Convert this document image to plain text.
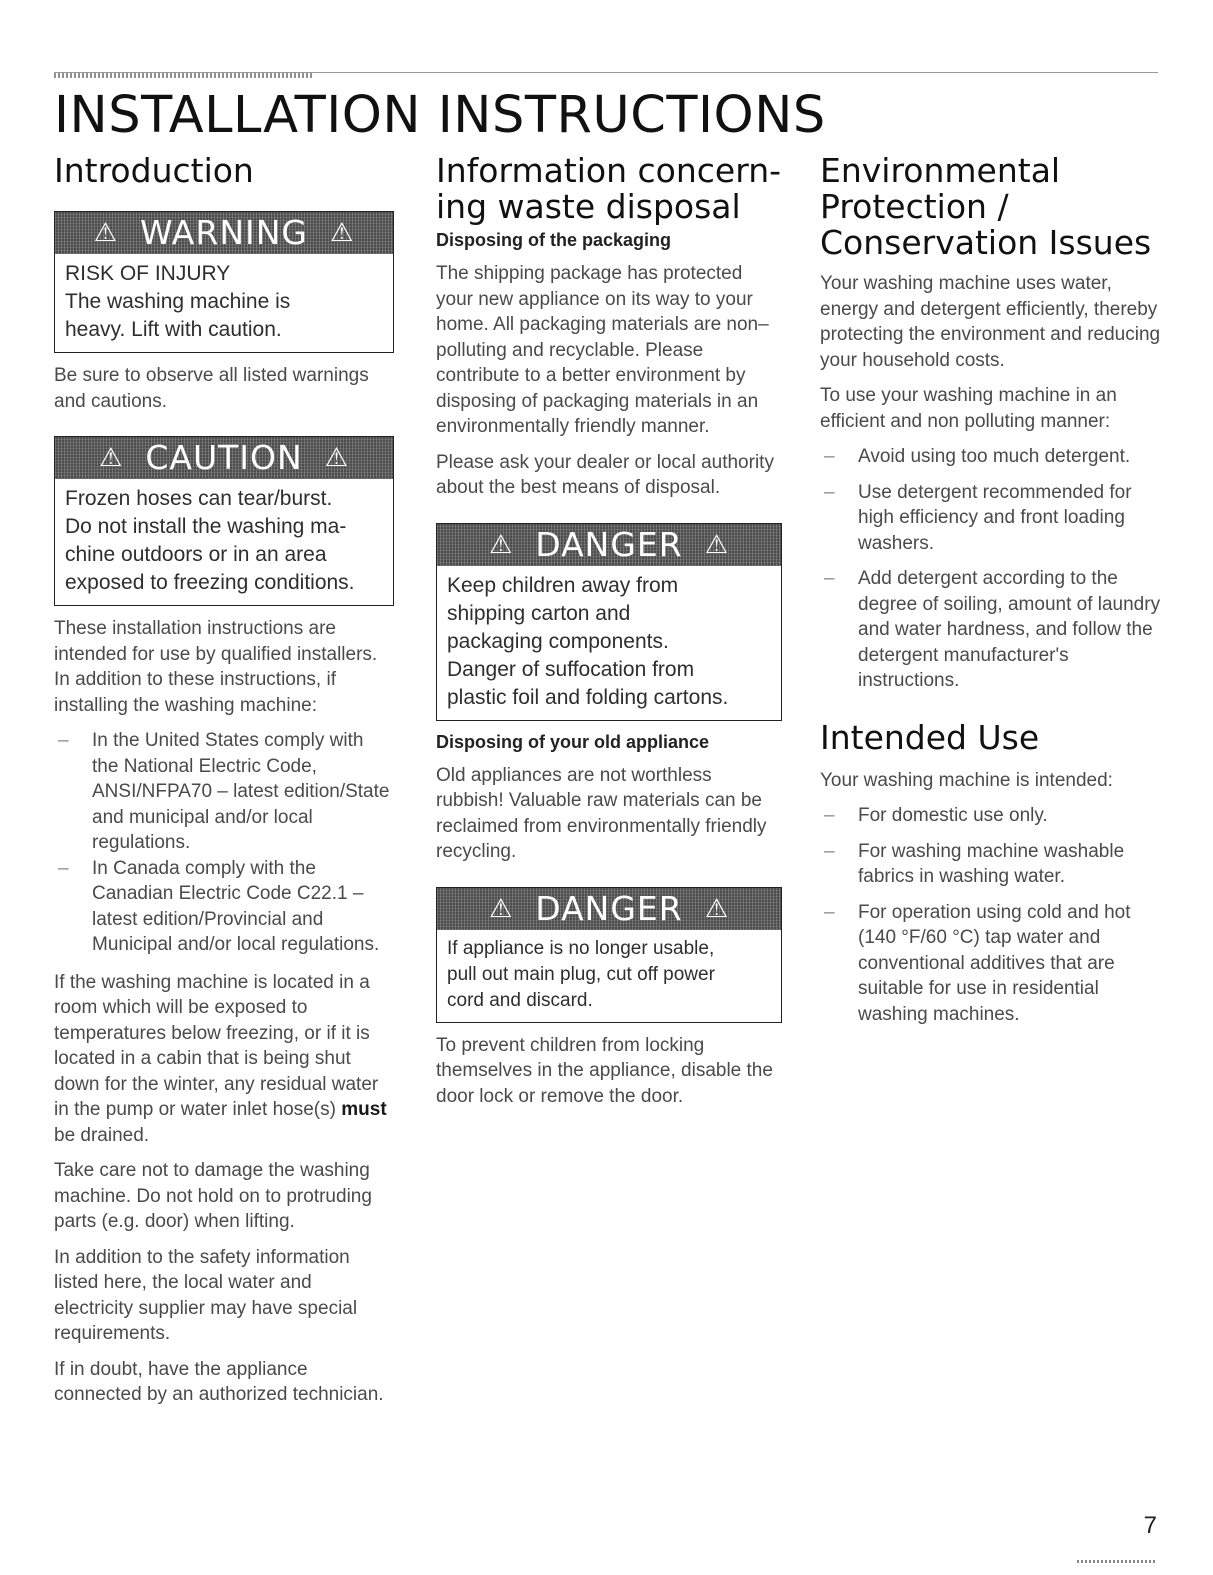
INSTALLATION INSTRUCTIONS
Introduction
⚠ WARNING ⚠
RISK OF INJURY
The washing machine is
heavy. Lift with caution.

Be sure to observe all listed warnings and cautions.

⚠ CAUTION ⚠
Frozen hoses can tear/burst.
Do not install the washing ma-
chine outdoors or in an area
exposed to freezing conditions.

These installation instructions are intended for use by qualified installers. In addition to these instructions, if installing the washing machine:

– In the United States comply with the National Electric Code, ANSI/NFPA70 – latest edition/State and municipal and/or local regulations.
– In Canada comply with the Canadian Electric Code C22.1 – latest edition/Provincial and Municipal and/or local regulations.

If the washing machine is located in a room which will be exposed to temperatures below freezing, or if it is located in a cabin that is being shut down for the winter, any residual water in the pump or water inlet hose(s) must be drained.

Take care not to damage the washing machine. Do not hold on to protruding parts (e.g. door) when lifting.

In addition to the safety information listed here, the local water and electricity supplier may have special requirements.

If in doubt, have the appliance connected by an authorized technician.

Information concern-
ing waste disposal
Disposing of the packaging

The shipping package has protected your new appliance on its way to your home. All packaging materials are non–polluting and recyclable. Please contribute to a better environment by disposing of packaging materials in an environmentally friendly manner.

Please ask your dealer or local authority about the best means of disposal.

⚠ DANGER ⚠
Keep children away from
shipping carton and
packaging components.
Danger of suffocation from
plastic foil and folding cartons.
Disposing of your old appliance

Old appliances are not worthless rubbish! Valuable raw materials can be reclaimed from environmentally friendly recycling.

⚠ DANGER ⚠
If appliance is no longer usable,
pull out main plug, cut off power
cord and discard.

To prevent children from locking themselves in the appliance, disable the door lock or remove the door.

Environmental
Protection /
Conservation Issues

Your washing machine uses water, energy and detergent efficiently, thereby protecting the environment and reducing your household costs.

To use your washing machine in an efficient and non polluting manner:

– Avoid using too much detergent.
– Use detergent recommended for high efficiency and front loading washers.
– Add detergent according to the degree of soiling, amount of laundry and water hardness, and follow the detergent manufacturer's instructions.
Intended Use

Your washing machine is intended:

– For domestic use only.
– For washing machine washable fabrics in washing water.
– For operation using cold and hot (140 °F/60 °C) tap water and conventional additives that are suitable for use in residential washing machines.
7
